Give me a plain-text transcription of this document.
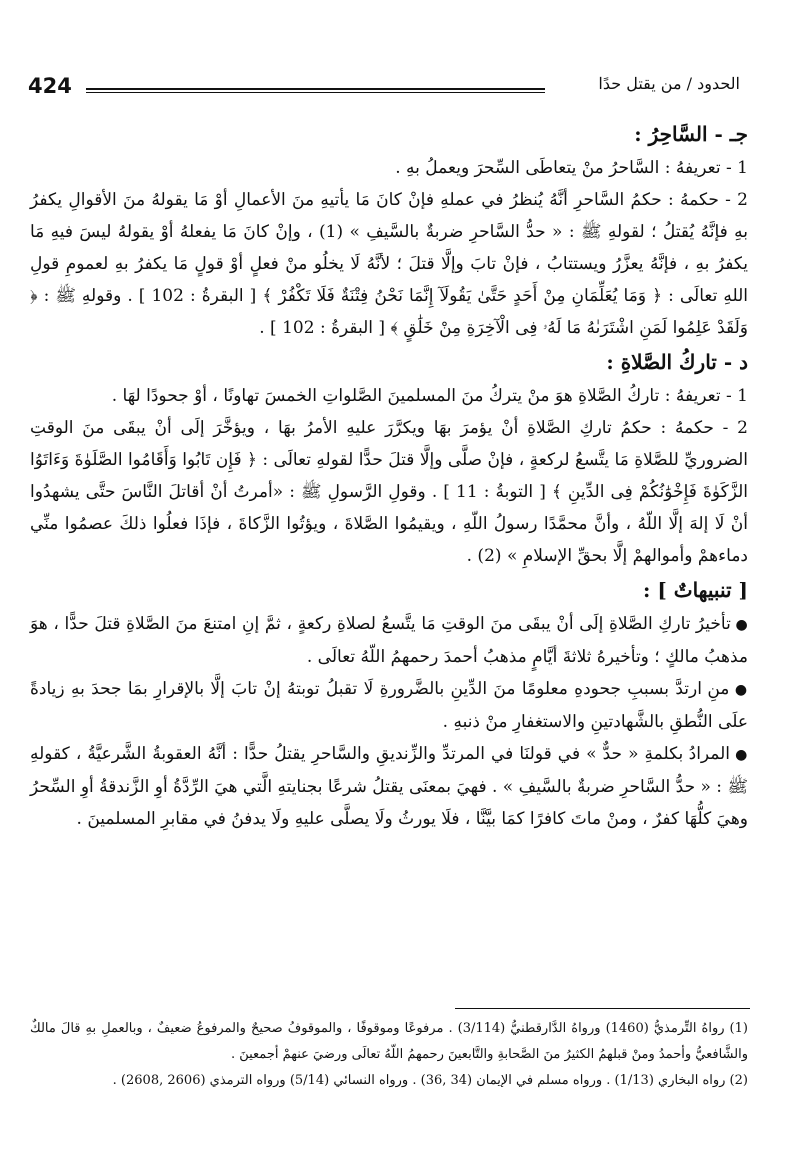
424	الحدود / من يقتل حدًا

جـ - السَّاحِرُ :

1 - تعريفهُ : السَّاحرُ منْ يتعاطَى السِّحرَ ويعملُ بهِ .

2 - حكمهُ : حكمُ السَّاحرِ أنَّهُ يُنظرُ في عملهِ فإنْ كانَ مَا يأتيهِ منَ الأعمالِ أوْ مَا يقولهُ منَ الأقوالِ يكفرُ بهِ فإنَّهُ يُقتلُ ؛ لقولهِ ﷺ : « حدُّ السَّاحرِ ضربةٌ بالسَّيفِ » (1) ، وإنْ كانَ مَا يفعلهُ أوْ يقولهُ ليسَ فيهِ مَا يكفرُ بهِ ، فإنَّهُ يعزَّرُ ويستتابُ ، فإنْ تابَ وإلَّا قتلَ ؛ لأنَّهُ لَا يخلُو منْ فعلٍ أوْ قولٍ مَا يكفرُ بهِ لعمومِ قولِ اللهِ تعالَى : ﴿ وَمَا يُعَلِّمَانِ مِنْ أَحَدٍ حَتَّىٰ يَقُولَآ إِنَّمَا نَحْنُ فِتْنَةٌ فَلَا تَكْفُرْ ﴾ [ البقرةُ : 102 ] . وقولهِ ﷺ : ﴿ وَلَقَدْ عَلِمُوا لَمَنِ اشْتَرَىٰهُ مَا لَهُۥ فِى الْآخِرَةِ مِنْ خَلَٰقٍ ﴾ [ البقرةُ : 102 ] .

د - تاركُ الصَّلاةِ :

1 - تعريفهُ : تاركُ الصَّلاةِ هوَ منْ يتركُ منَ المسلمينَ الصَّلواتِ الخمسَ تهاونًا ، أوْ جحودًا لهَا .

2 - حكمهُ : حكمُ تاركِ الصَّلاةِ أنْ يؤمرَ بهَا ويكرَّرَ عليهِ الأمرُ بهَا ، ويؤخَّرَ إلَى أنْ يبقَى منَ الوقتِ الضروريِّ للصَّلاةِ مَا يتَّسعُ لركعةٍ ، فإنْ صلَّى وإلَّا قتلَ حدًّا لقولهِ تعالَى : ﴿ فَإِن تَابُوا وَأَقَامُوا الصَّلَوٰةَ وَءَاتَوُا الزَّكَوٰةَ فَإِخْوَٰنُكُمْ فِى الدِّينِ ﴾ [ التوبةُ : 11 ] . وقولِ الرَّسولِ ﷺ : «أمرتُ أنْ أقاتلَ النَّاسَ حتَّى يشهدُوا أنْ لَا إلهَ إلَّا اللّهُ ، وأنَّ محمَّدًا رسولُ اللّهِ ، ويقيمُوا الصَّلاةَ ، ويؤتُوا الزَّكاةَ ، فإذَا فعلُوا ذلكَ عصمُوا منِّي دماءهمْ وأموالهمْ إلَّا بحقِّ الإسلامِ » (2) .

[ تنبيهاتٌ ] :

● تأخيرُ تاركِ الصَّلاةِ إلَى أنْ يبقَى منَ الوقتِ مَا يتَّسعُ لصلاةِ ركعةٍ ، ثمَّ إنِ امتنعَ منَ الصَّلاةِ قتلَ حدًّا ، هوَ مذهبُ مالكٍ ؛ وتأخيرهُ ثلاثةَ أيَّامٍ مذهبُ أحمدَ رحمهمُ اللّهُ تعالَى .

● منِ ارتدَّ بسببِ جحودهِ معلومًا منَ الدِّينِ بالضَّرورةِ لَا تقبلُ توبتهُ إنْ تابَ إلَّا بالإقرارِ بمَا جحدَ بهِ زيادةً علَى النُّطقِ بالشَّهادتينِ والاستغفارِ منْ ذنبهِ .

● المرادُ بكلمةِ « حدٌّ » في قولنَا في المرتدِّ والزِّنديقِ والسَّاحرِ يقتلُ حدًّا : أنَّهُ العقوبةُ الشَّرعيَّةُ ، كقولهِ ﷺ : « حدُّ السَّاحرِ ضربةٌ بالسَّيفِ » . فهيَ بمعنَى يقتلُ شرعًا بجنايتهِ الَّتي هيَ الرِّدَّةُ أوِ الزَّندقةُ أوِ السِّحرُ وهيَ كلُّهَا كفرٌ ، ومنْ ماتَ كافرًا كمَا بيَّنَّا ، فلَا يورثُ ولَا يصلَّى عليهِ ولَا يدفنُ في مقابرِ المسلمينَ .

(1) رواهُ التِّرمذيُّ (1460) ورواهُ الدَّارقطنيُّ (3/114) . مرفوعًا وموقوفًا ، والموقوفُ صحيحٌ والمرفوعُ ضعيفٌ ، وبالعملِ بهِ قالَ مالكٌ والشَّافعيُّ وأحمدُ ومنْ قبلهمُ الكثيرُ منَ الصَّحابةِ والتَّابعينَ رحمهمُ اللّهُ تعالَى ورضيَ عنهمْ أجمعينَ .

(2) رواه البخاري (1/13) . ورواه مسلم في الإيمان (34 ,36) . ورواه النسائي (5/14) ورواه الترمذي (2606 ,2608) .
